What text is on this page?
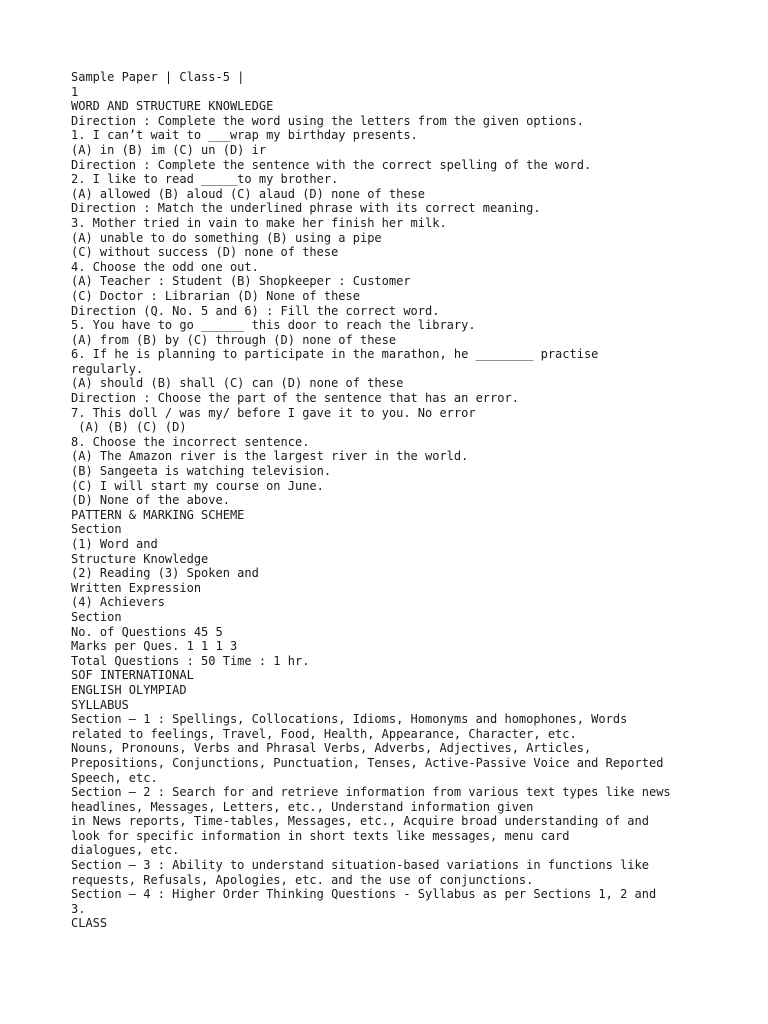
Sample Paper | Class-5 |
1
WORD AND STRUCTURE KNOWLEDGE
Direction : Complete the word using the letters from the given options.
1. I can’t wait to ___wrap my birthday presents.
(A) in (B) im (C) un (D) ir
Direction : Complete the sentence with the correct spelling of the word.
2. I like to read _____to my brother.
(A) allowed (B) aloud (C) alaud (D) none of these
Direction : Match the underlined phrase with its correct meaning.
3. Mother tried in vain to make her finish her milk.
(A) unable to do something (B) using a pipe
(C) without success (D) none of these
4. Choose the odd one out.
(A) Teacher : Student (B) Shopkeeper : Customer
(C) Doctor : Librarian (D) None of these
Direction (Q. No. 5 and 6) : Fill the correct word.
5. You have to go ______ this door to reach the library.
(A) from (B) by (C) through (D) none of these
6. If he is planning to participate in the marathon, he ________ practise
regularly.
(A) should (B) shall (C) can (D) none of these
Direction : Choose the part of the sentence that has an error.
7. This doll / was my/ before I gave it to you. No error
(A) (B) (C) (D)
8. Choose the incorrect sentence.
(A) The Amazon river is the largest river in the world.
(B) Sangeeta is watching television.
(C) I will start my course on June.
(D) None of the above.
PATTERN & MARKING SCHEME
Section
(1) Word and
Structure Knowledge
(2) Reading (3) Spoken and
Written Expression
(4) Achievers
Section
No. of Questions 45 5
Marks per Ques. 1 1 1 3
Total Questions : 50 Time : 1 hr.
SOF INTERNATIONAL
ENGLISH OLYMPIAD
SYLLABUS
Section – 1 : Spellings, Collocations, Idioms, Homonyms and homophones, Words
related to feelings, Travel, Food, Health, Appearance, Character, etc.
Nouns, Pronouns, Verbs and Phrasal Verbs, Adverbs, Adjectives, Articles,
Prepositions, Conjunctions, Punctuation, Tenses, Active-Passive Voice and Reported
Speech, etc.
Section – 2 : Search for and retrieve information from various text types like news
headlines, Messages, Letters, etc., Understand information given
in News reports, Time-tables, Messages, etc., Acquire broad understanding of and
look for specific information in short texts like messages, menu card
dialogues, etc.
Section – 3 : Ability to understand situation-based variations in functions like
requests, Refusals, Apologies, etc. and the use of conjunctions.
Section – 4 : Higher Order Thinking Questions - Syllabus as per Sections 1, 2 and
3.
CLASS
